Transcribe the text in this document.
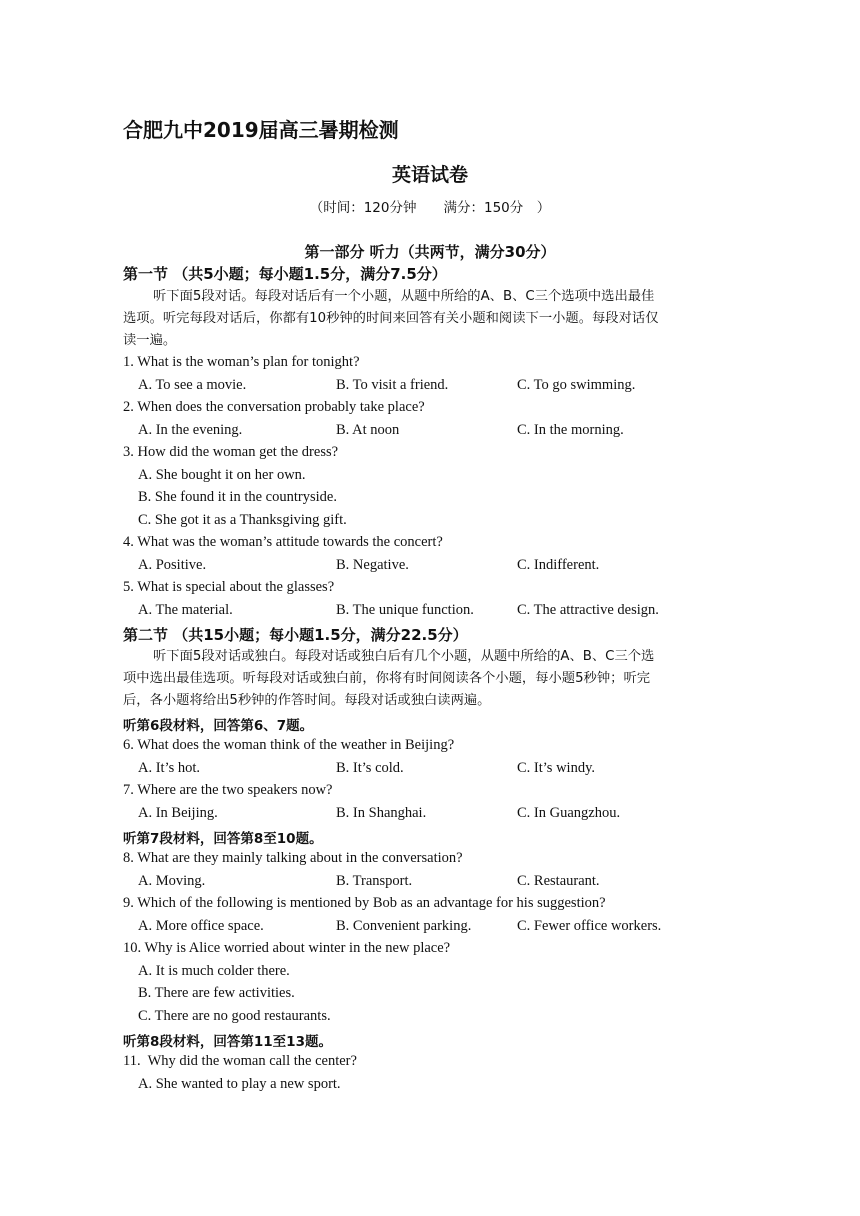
合肥九中2019届高三暑期检测
英语试卷
（时间：120分钟　　满分：150分　）
第一部分 听力（共两节，满分30分）
第一节 （共5小题；每小题1.5分，满分7.5分）
听下面5段对话。每段对话后有一个小题，从题中所给的A、B、C三个选项中选出最佳
选项。听完每段对话后，你都有10秒钟的时间来回答有关小题和阅读下一小题。每段对话仅
读一遍。
1. What is the woman’s plan for tonight?
A. To see a movie.	B. To visit a friend.	C. To go swimming.
2. When does the conversation probably take place?
A. In the evening.	B. At noon	C. In the morning.
3. How did the woman get the dress?
A. She bought it on her own.
B. She found it in the countryside.
C. She got it as a Thanksgiving gift.
4. What was the woman’s attitude towards the concert?
A. Positive.	B. Negative.	C. Indifferent.
5. What is special about the glasses?
A. The material.	B. The unique function.	C. The attractive design.
第二节 （共15小题；每小题1.5分，满分22.5分）
听下面5段对话或独白。每段对话或独白后有几个小题，从题中所给的A、B、C三个选
项中选出最佳选项。听每段对话或独白前，你将有时间阅读各个小题，每小题5秒钟；听完
后，各小题将给出5秒钟的作答时间。每段对话或独白读两遍。
听第6段材料，回答第6、7题。
6. What does the woman think of the weather in Beijing?
A. It’s hot.	B. It’s cold.	C. It’s windy.
7. Where are the two speakers now?
A. In Beijing.	B. In Shanghai.	C. In Guangzhou.
听第7段材料，回答第8至10题。
8. What are they mainly talking about in the conversation?
A. Moving.	B. Transport.	C. Restaurant.
9. Which of the following is mentioned by Bob as an advantage for his suggestion?
A. More office space.	B. Convenient parking.	C. Fewer office workers.
10. Why is Alice worried about winter in the new place?
A. It is much colder there.
B. There are few activities.
C. There are no good restaurants.
听第8段材料，回答第11至13题。
11.  Why did the woman call the center?
A. She wanted to play a new sport.
